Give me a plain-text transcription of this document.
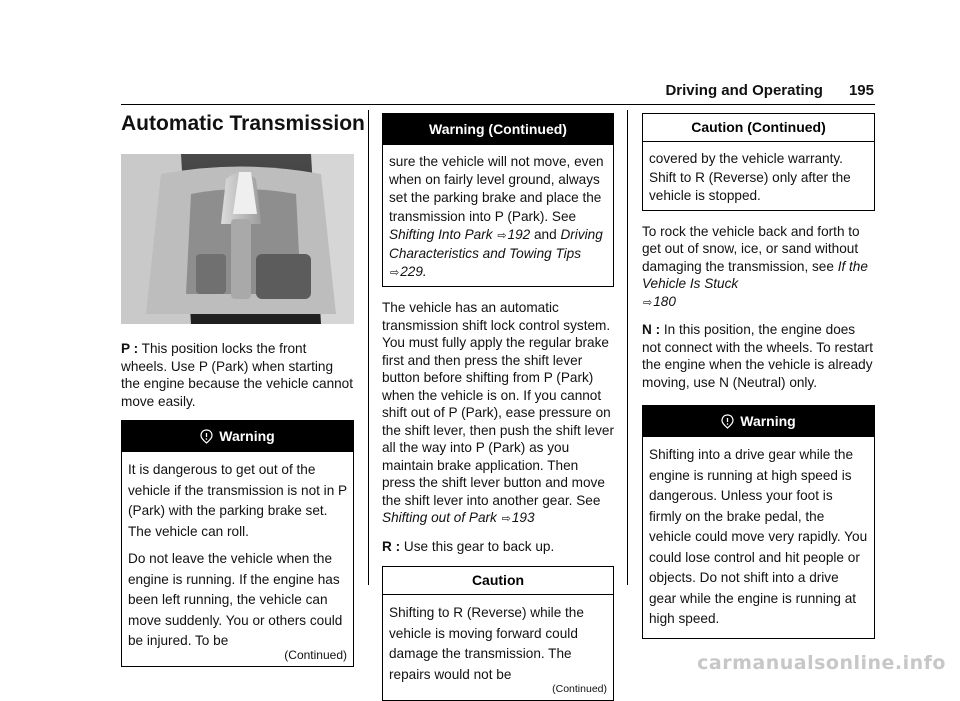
Driving and Operating 195
Automatic Transmission

P : This position locks the front wheels. Use P (Park) when starting the engine because the vehicle cannot move easily.

Warning

It is dangerous to get out of the vehicle if the transmission is not in P (Park) with the parking brake set. The vehicle can roll.

Do not leave the vehicle when the engine is running. If the engine has been left running, the vehicle can move suddenly. You or others could be injured. To be

(Continued)
Warning (Continued)

sure the vehicle will not move, even when on fairly level ground, always set the parking brake and place the transmission into P (Park). See Shifting Into Park ⇨192 and Driving Characteristics and Towing Tips
⇨229.

The vehicle has an automatic transmission shift lock control system. You must fully apply the regular brake first and then press the shift lever button before shifting from P (Park) when the vehicle is on. If you cannot shift out of P (Park), ease pressure on the shift lever, then push the shift lever all the way into P (Park) as you maintain brake application. Then press the shift lever button and move the shift lever into another gear. See Shifting out of Park ⇨193

R : Use this gear to back up.

Caution

Shifting to R (Reverse) while the vehicle is moving forward could damage the transmission. The repairs would not be

(Continued)
Caution (Continued)

covered by the vehicle warranty. Shift to R (Reverse) only after the vehicle is stopped.

To rock the vehicle back and forth to get out of snow, ice, or sand without damaging the transmission, see If the Vehicle Is Stuck
⇨180

N : In this position, the engine does not connect with the wheels. To restart the engine when the vehicle is already moving, use N (Neutral) only.

Warning

Shifting into a drive gear while the engine is running at high speed is dangerous. Unless your foot is firmly on the brake pedal, the vehicle could move very rapidly. You could lose control and hit people or objects. Do not shift into a drive gear while the engine is running at high speed.

carmanualsonline.info
